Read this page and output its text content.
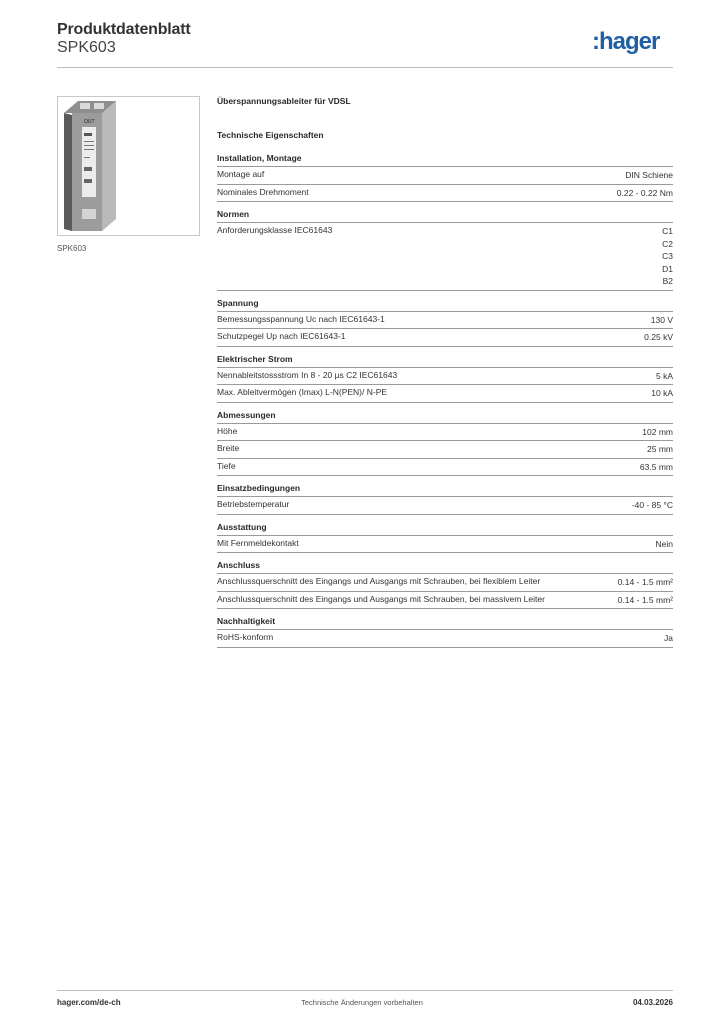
Produktdatenblatt
SPK603	:hager
OUT
SPK603
Überspannungsableiter für VDSL
Technische Eigenschaften
Installation, Montage
Montage auf	DIN Schiene
Nominales Drehmoment	0.22 - 0.22 Nm
Normen
Anforderungsklasse IEC61643	C1
C2
C3
D1
B2
Spannung
Bemessungsspannung Uc nach IEC61643-1	130 V
Schutzpegel Up nach IEC61643-1	0.25 kV
Elektrischer Strom
Nennableitstossstrom In 8 - 20 µs C2 IEC61643	5 kA
Max. Ableitvermögen (Imax) L-N(PEN)/ N-PE	10 kA
Abmessungen
Höhe	102 mm
Breite	25 mm
Tiefe	63.5 mm
Einsatzbedingungen
Betriebstemperatur	-40 - 85 °C
Ausstattung
Mit Fernmeldekontakt	Nein
Anschluss
Anschlussquerschnitt des Eingangs und Ausgangs mit Schrauben, bei flexiblem Leiter	0.14 - 1.5 mm²
Anschlussquerschnitt des Eingangs und Ausgangs mit Schrauben, bei massivem Leiter	0.14 - 1.5 mm²
Nachhaltigkeit
RoHS-konform	Ja
hager.com/de-ch	Technische Änderungen vorbehalten	04.03.2026
